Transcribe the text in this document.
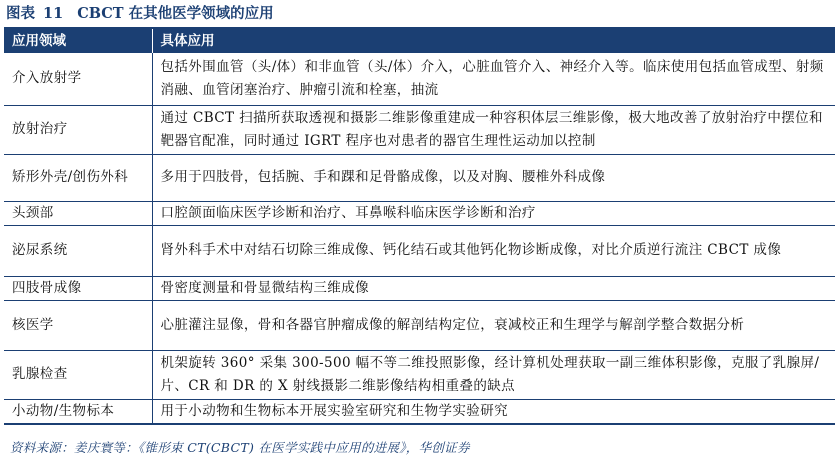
图表 11 CBCT 在其他医学领域的应用
应用领域	具体应用
介入放射学	包括外围血管（头/体）和非血管（头/体）介入，心脏血管介入、神经介入等。临床使用包括血管成型、射频消融、血管闭塞治疗、肿瘤引流和栓塞，抽流
放射治疗	通过 CBCT 扫描所获取透视和摄影二维影像重建成一种容积体层三维影像，极大地改善了放射治疗中摆位和靶器官配准，同时通过 IGRT 程序也对患者的器官生理性运动加以控制
矫形外壳/创伤外科	多用于四肢骨，包括腕、手和踝和足骨骼成像，以及对胸、腰椎外科成像
头颈部	口腔颌面临床医学诊断和治疗、耳鼻喉科临床医学诊断和治疗
泌尿系统	肾外科手术中对结石切除三维成像、钙化结石或其他钙化物诊断成像，对比介质逆行流注 CBCT 成像
四肢骨成像	骨密度测量和骨显微结构三维成像
核医学	心脏灌注显像，骨和各器官肿瘤成像的解剖结构定位，衰减校正和生理学与解剖学整合数据分析
乳腺检查	机架旋转 360° 采集 300-500 幅不等二维投照影像，经计算机处理获取一副三维体积影像，克服了乳腺屏/片、CR 和 DR 的 X 射线摄影二维影像结构相重叠的缺点
小动物/生物标本	用于小动物和生物标本开展实验室研究和生物学实验研究
资料来源：姜庆寰等：《锥形束 CT(CBCT) 在医学实践中应用的进展》，华创证券
